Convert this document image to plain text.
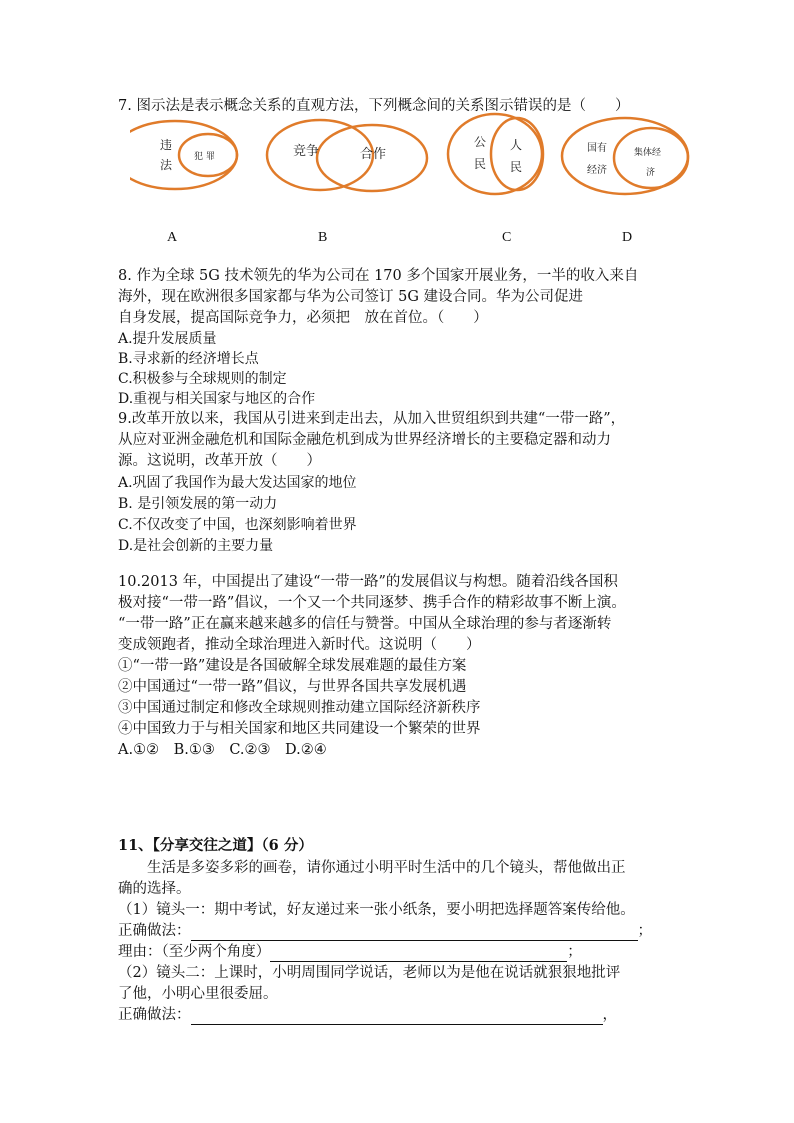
7. 图示法是表示概念关系的直观方法，下列概念间的关系图示错误的是（　　）
违
法
犯 罪	竞争	合作
公
民
人
民
国有
经济
集体经
济
A	B	C	D
8. 作为全球 5G 技术领先的华为公司在 170 多个国家开展业务，一半的收入来自
海外，现在欧洲很多国家都与华为公司签订 5G 建设合同。华为公司促进
自身发展，提高国际竞争力，必须把　放在首位。（　　）
A.提升发展质量
B.寻求新的经济增长点
C.积极参与全球规则的制定
D.重视与相关国家与地区的合作
9.改革开放以来，我国从引进来到走出去，从加入世贸组织到共建“一带一路”，
从应对亚洲金融危机和国际金融危机到成为世界经济增长的主要稳定器和动力
源。这说明，改革开放（　　）
A.巩固了我国作为最大发达国家的地位
B. 是引领发展的第一动力
C.不仅改变了中国，也深刻影响着世界
D.是社会创新的主要力量
10.2013 年，中国提出了建设“一带一路”的发展倡议与构想。随着沿线各国积
极对接“一带一路”倡议，一个又一个共同逐梦、携手合作的精彩故事不断上演。
“一带一路”正在赢来越来越多的信任与赞誉。中国从全球治理的参与者逐渐转
变成领跑者，推动全球治理进入新时代。这说明（　　）
①“一带一路”建设是各国破解全球发展难题的最佳方案
②中国通过“一带一路”倡议，与世界各国共享发展机遇
③中国通过制定和修改全球规则推动建立国际经济新秩序
④中国致力于与相关国家和地区共同建设一个繁荣的世界
A.①②　B.①③　C.②③　D.②④
11、【分享交往之道】（6 分）
　　生活是多姿多彩的画卷，请你通过小明平时生活中的几个镜头，帮他做出正
确的选择。
（1）镜头一：期中考试，好友递过来一张小纸条，要小明把选择题答案传给他。
正确做法：	；
理由：（至少两个角度）	；
（2）镜头二：上课时，小明周围同学说话，老师以为是他在说话就狠狠地批评
了他，小明心里很委屈。
正确做法：	，
